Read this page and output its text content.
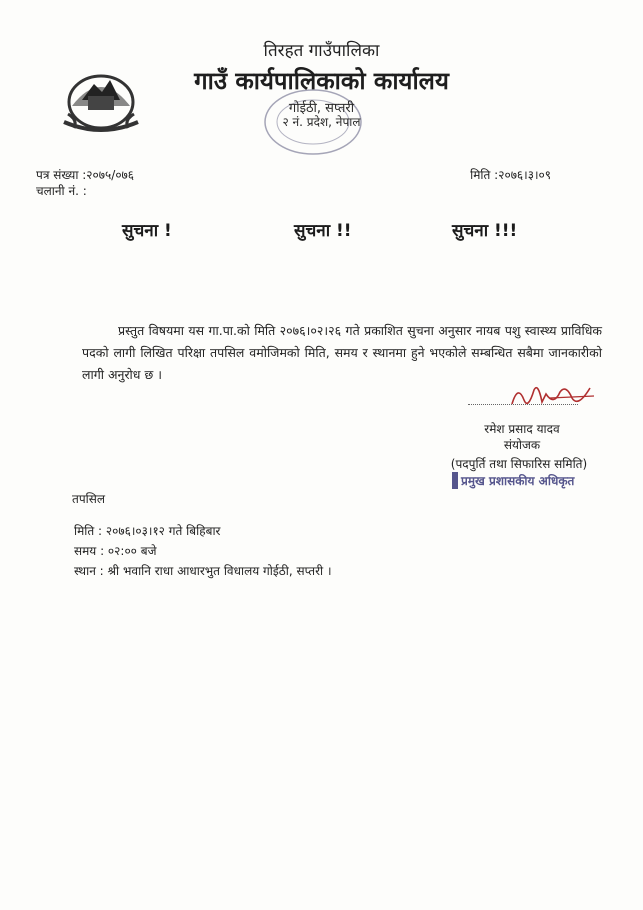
तिरहत गाउँपालिका
गाउँ कार्यपालिकाको कार्यालय
गोईठी, सप्तरी
२ नं. प्रदेश, नेपाल
पत्र संख्या :२०७५/०७६
चलानी नं. :
मिति :२०७६।३।०९
सुचना !	सुचना !!	सुचना !!!
प्रस्तुत विषयमा यस गा.पा.को मिति २०७६।०२।२६ गते प्रकाशित सुचना अनुसार नायब पशु स्वास्थ्य प्राविधिक पदको लागी लिखित परिक्षा तपसिल वमोजिमको मिति, समय र स्थानमा हुने भएकोले सम्बन्धित सबैमा जानकारीको लागी अनुरोध छ ।
रमेश प्रसाद यादव
संयोजक
(पदपुर्ति तथा सिफारिस समिति)
प्रमुख प्रशासकीय अधिकृत
तपसिल
मिति : २०७६।०३।१२ गते बिहिबार
समय : ०२:०० बजे
स्थान : श्री भवानि राधा आधारभुत विधालय गोईठी, सप्तरी ।
